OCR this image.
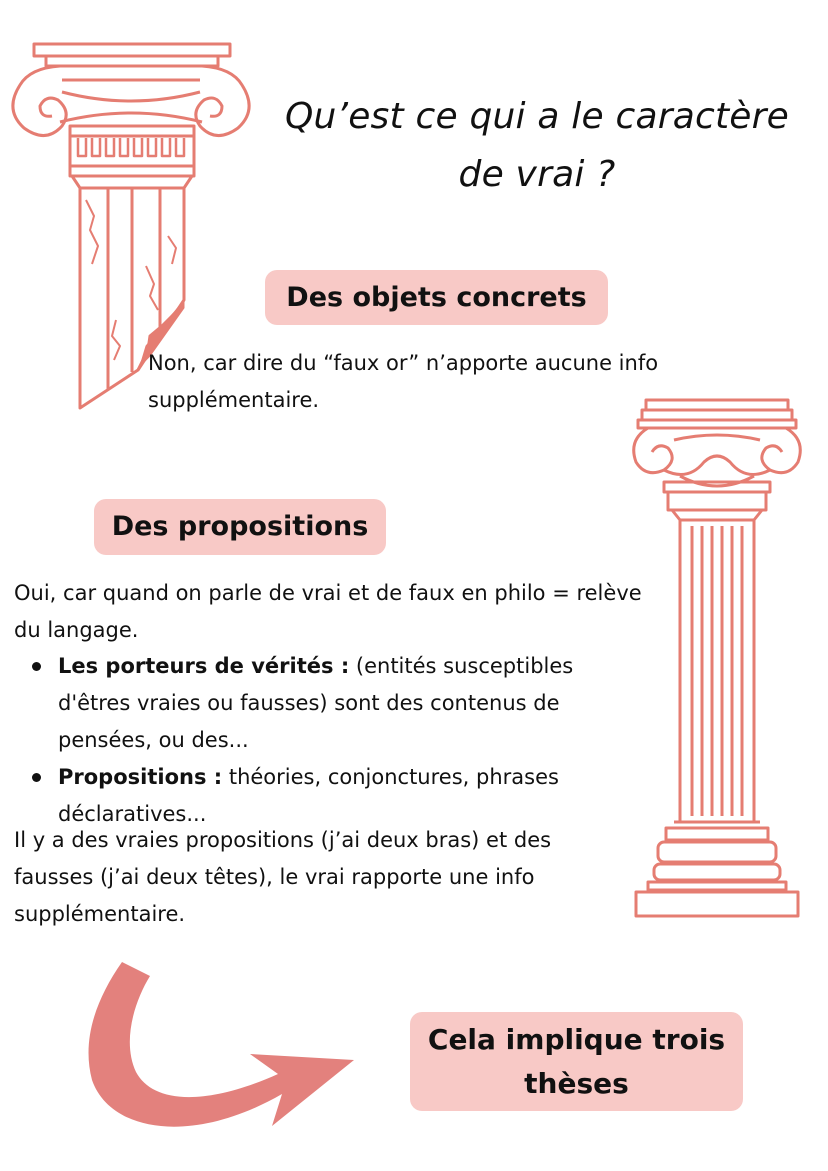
Qu’est ce qui a le caractère de vrai ?
Des objets concrets
Non, car dire du “faux or” n’apporte aucune info supplémentaire.
Des propositions
Oui, car quand on parle de vrai et de faux en philo = relève du langage.
Les porteurs de vérités : (entités susceptibles d'êtres vraies ou fausses) sont des contenus de pensées, ou des...
Propositions : théories, conjonctures, phrases déclaratives...
Il y a des vraies propositions (j’ai deux bras) et des fausses (j’ai deux têtes), le vrai rapporte une info supplémentaire.
Cela implique trois thèses
